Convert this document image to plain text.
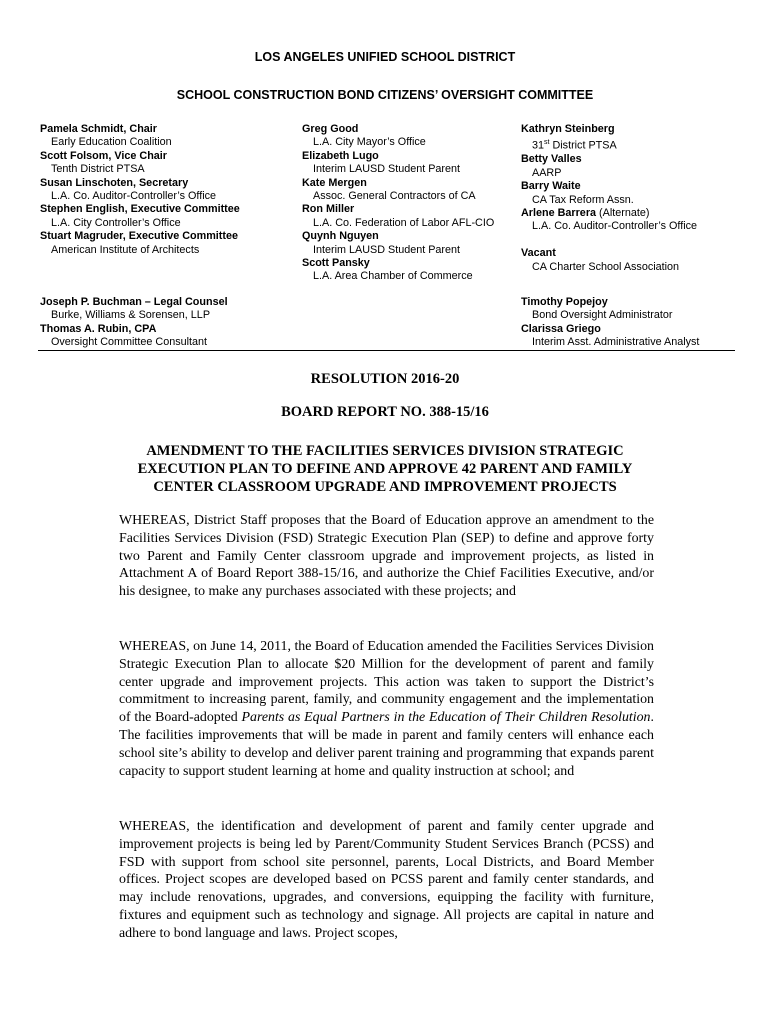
LOS ANGELES UNIFIED SCHOOL DISTRICT
SCHOOL CONSTRUCTION BOND CITIZENS’ OVERSIGHT COMMITTEE
Pamela Schmidt, Chair
Early Education Coalition
Scott Folsom, Vice Chair
Tenth District PTSA
Susan Linschoten, Secretary
L.A. Co. Auditor-Controller’s Office
Stephen English, Executive Committee
L.A. City Controller’s Office
Stuart Magruder, Executive Committee
American Institute of Architects
Greg Good
L.A. City Mayor’s Office
Elizabeth Lugo
Interim LAUSD Student Parent
Kate Mergen
Assoc. General Contractors of CA
Ron Miller
L.A. Co. Federation of Labor AFL-CIO
Quynh Nguyen
Interim LAUSD Student Parent
Scott Pansky
L.A. Area Chamber of Commerce
Kathryn Steinberg
31st District PTSA
Betty Valles
AARP
Barry Waite
CA Tax Reform Assn.
Arlene Barrera (Alternate)
L.A. Co. Auditor-Controller’s Office
Vacant
CA Charter School Association
Joseph P. Buchman – Legal Counsel
Burke, Williams & Sorensen, LLP
Thomas A. Rubin, CPA
Oversight Committee Consultant
Timothy Popejoy
Bond Oversight Administrator
Clarissa Griego
Interim Asst. Administrative Analyst
RESOLUTION 2016-20
BOARD REPORT NO. 388-15/16
AMENDMENT TO THE FACILITIES SERVICES DIVISION STRATEGIC
EXECUTION PLAN TO DEFINE AND APPROVE 42 PARENT AND FAMILY
CENTER CLASSROOM UPGRADE AND IMPROVEMENT PROJECTS
WHEREAS, District Staff proposes that the Board of Education approve an amendment to the Facilities Services Division (FSD) Strategic Execution Plan (SEP) to define and approve forty two Parent and Family Center classroom upgrade and improvement projects, as listed in Attachment A of Board Report 388-15/16, and authorize the Chief Facilities Executive, and/or his designee, to make any purchases associated with these projects; and
WHEREAS, on June 14, 2011, the Board of Education amended the Facilities Services Division Strategic Execution Plan to allocate $20 Million for the development of parent and family center upgrade and improvement projects. This action was taken to support the District’s commitment to increasing parent, family, and community engagement and the implementation of the Board-adopted Parents as Equal Partners in the Education of Their Children Resolution. The facilities improvements that will be made in parent and family centers will enhance each school site’s ability to develop and deliver parent training and programming that expands parent capacity to support student learning at home and quality instruction at school; and
WHEREAS, the identification and development of parent and family center upgrade and improvement projects is being led by Parent/Community Student Services Branch (PCSS) and FSD with support from school site personnel, parents, Local Districts, and Board Member offices. Project scopes are developed based on PCSS parent and family center standards, and may include renovations, upgrades, and conversions, equipping the facility with furniture, fixtures and equipment such as technology and signage. All projects are capital in nature and adhere to bond language and laws. Project scopes,
